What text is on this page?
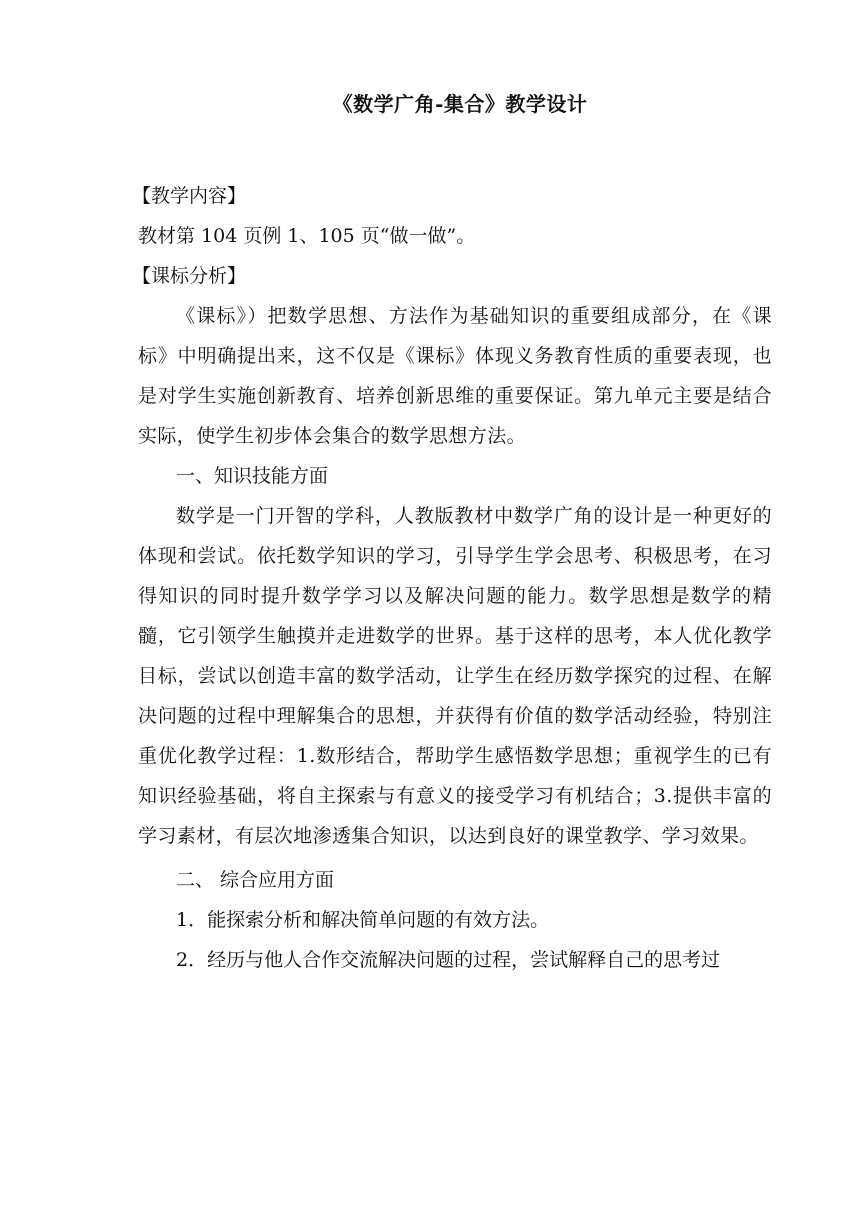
《数学广角-集合》教学设计

【教学内容】

教材第 104 页例 1、105 页“做一做”。

【课标分析】

《课标》）把数学思想、方法作为基础知识的重要组成部分，在《课标》中明确提出来，这不仅是《课标》体现义务教育性质的重要表现，也是对学生实施创新教育、培养创新思维的重要保证。第九单元主要是结合实际，使学生初步体会集合的数学思想方法。

一、知识技能方面

数学是一门开智的学科，人教版教材中数学广角的设计是一种更好的体现和尝试。依托数学知识的学习，引导学生学会思考、积极思考，在习得知识的同时提升数学学习以及解决问题的能力。数学思想是数学的精髓，它引领学生触摸并走进数学的世界。基于这样的思考，本人优化教学目标，尝试以创造丰富的数学活动，让学生在经历数学探究的过程、在解决问题的过程中理解集合的思想，并获得有价值的数学活动经验，特别注重优化教学过程：1.数形结合，帮助学生感悟数学思想；重视学生的已有知识经验基础，将自主探索与有意义的接受学习有机结合；3.提供丰富的学习素材，有层次地渗透集合知识，以达到良好的课堂教学、学习效果。

二、 综合应用方面

1．能探索分析和解决简单问题的有效方法。

2．经历与他人合作交流解决问题的过程，尝试解释自己的思考过
